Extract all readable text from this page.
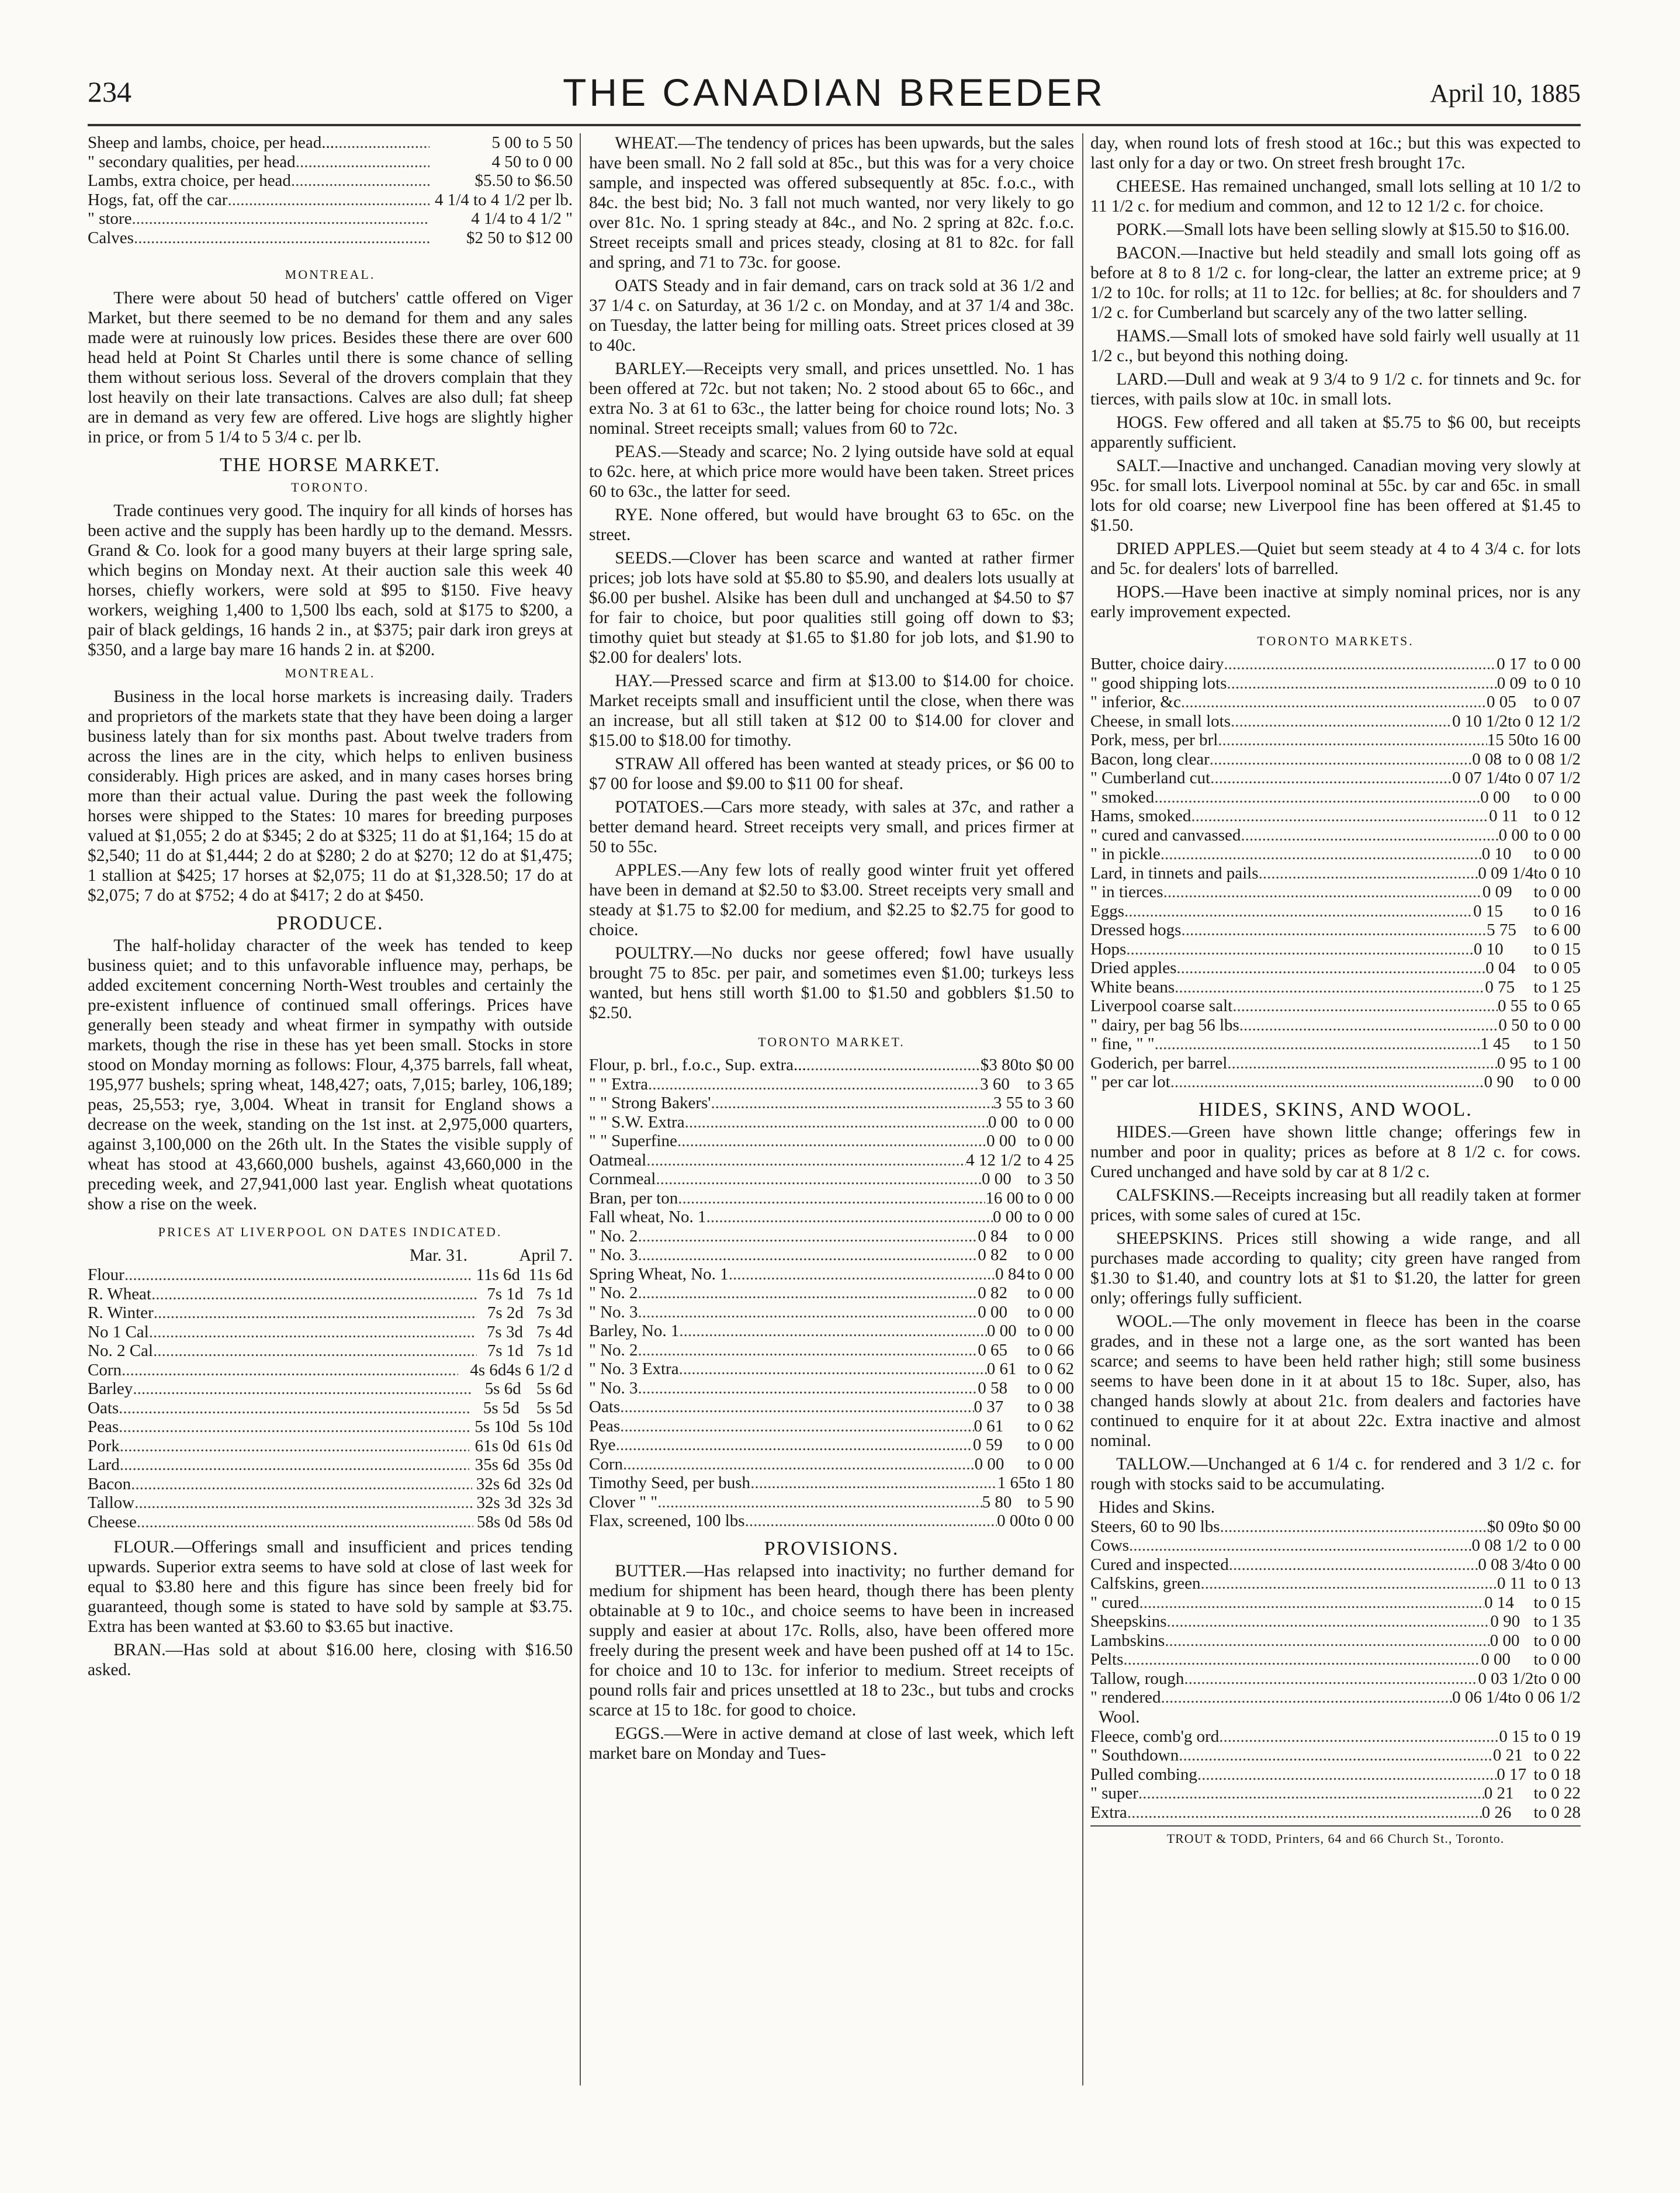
234	THE CANADIAN BREEDER	April 10, 1885
Sheep and lambs, choice, per head... .....	5 00 to 5 50
" secondary qualities, per head .....	4 50 to 0 00
Lambs, extra choice, per head .....	$5.50 to $6.50
Hogs, fat, off the car .....	4 1/4 to 4 1/2 per lb.
" store .....	4 1/4 to 4 1/2 "
Calves .....	$2 50 to $12 00
MONTREAL.

There were about 50 head of butchers' cattle offered on Viger Market, but there seemed to be no demand for them and any sales made were at ruinously low prices. Besides these there are over 600 head held at Point St Charles until there is some chance of selling them without serious loss. Several of the drovers complain that they lost heavily on their late transactions. Calves are also dull; fat sheep are in demand as very few are offered. Live hogs are slightly higher in price, or from 5 1/4 to 5 3/4 c. per lb.

THE HORSE MARKET.
TORONTO.

Trade continues very good. The inquiry for all kinds of horses has been active and the supply has been hardly up to the demand. Messrs. Grand & Co. look for a good many buyers at their large spring sale, which begins on Monday next. At their auction sale this week 40 horses, chiefly workers, were sold at $95 to $150. Five heavy workers, weighing 1,400 to 1,500 lbs each, sold at $175 to $200, a pair of black geldings, 16 hands 2 in., at $375; pair dark iron greys at $350, and a large bay mare 16 hands 2 in. at $200.

MONTREAL.

Business in the local horse markets is increasing daily. Traders and proprietors of the markets state that they have been doing a larger business lately than for six months past. About twelve traders from across the lines are in the city, which helps to enliven business considerably. High prices are asked, and in many cases horses bring more than their actual value. During the past week the following horses were shipped to the States: 10 mares for breeding purposes valued at $1,055; 2 do at $345; 2 do at $325; 11 do at $1,164; 15 do at $2,540; 11 do at $1,444; 2 do at $280; 2 do at $270; 12 do at $1,475; 1 stallion at $425; 17 horses at $2,075; 11 do at $1,328.50; 17 do at $2,075; 7 do at $752; 4 do at $417; 2 do at $450.

PRODUCE.

The half-holiday character of the week has tended to keep business quiet; and to this unfavorable influence may, perhaps, be added excitement concerning North-West troubles and certainly the pre-existent influence of continued small offerings. Prices have generally been steady and wheat firmer in sympathy with outside markets, though the rise in these has yet been small. Stocks in store stood on Monday morning as follows: Flour, 4,375 barrels, fall wheat, 195,977 bushels; spring wheat, 148,427; oats, 7,015; barley, 106,189; peas, 25,553; rye, 3,004. Wheat in transit for England shows a decrease on the week, standing on the 1st inst. at 2,975,000 quarters, against 3,100,000 on the 26th ult. In the States the visible supply of wheat has stood at 43,660,000 bushels, against 43,660,000 in the preceding week, and 27,941,000 last year. English wheat quotations show a rise on the week.

PRICES AT LIVERPOOL ON DATES INDICATED.
Mar. 31.	April 7.
Flour .....	11s 6d 11s 6d
R. Wheat .....	7s 1d 7s 1d
R. Winter .....	7s 2d 7s 3d
No 1 Cal .....	7s 3d 7s 4d
No. 2 Cal .....	7s 1d 7s 1d
Corn .....	4s 6d 4s 6 1/2 d
Barley .....	5s 6d 5s 6d
Oats .....	5s 5d	5s 5d
Peas .....	5s 10d 5s 10d
Pork .....	61s 0d 61s 0d
Lard .....	35s 6d 35s 0d
Bacon .....	32s 6d 32s 0d
Tallow .....	32s 3d 32s 3d
Cheese .....	58s 0d 58s 0d

FLOUR.—Offerings small and insufficient and prices tending upwards. Superior extra seems to have sold at close of last week for equal to $3.80 here and this figure has since been freely bid for guaranteed, though some is stated to have sold by sample at $3.75. Extra has been wanted at $3.60 to $3.65 but inactive.

BRAN.—Has sold at about $16.00 here, closing with $16.50 asked.

WHEAT.—The tendency of prices has been upwards, but the sales have been small. No 2 fall sold at 85c., but this was for a very choice sample, and inspected was offered subsequently at 85c. f.o.c., with 84c. the best bid; No. 3 fall not much wanted, nor very likely to go over 81c. No. 1 spring steady at 84c., and No. 2 spring at 82c. f.o.c. Street receipts small and prices steady, closing at 81 to 82c. for fall and spring, and 71 to 73c. for goose.

OATS Steady and in fair demand, cars on track sold at 36 1/2 and 37 1/4 c. on Saturday, at 36 1/2 c. on Monday, and at 37 1/4 and 38c. on Tuesday, the latter being for milling oats. Street prices closed at 39 to 40c.

BARLEY.—Receipts very small, and prices unsettled. No. 1 has been offered at 72c. but not taken; No. 2 stood about 65 to 66c., and extra No. 3 at 61 to 63c., the latter being for choice round lots; No. 3 nominal. Street receipts small; values from 60 to 72c.

PEAS.—Steady and scarce; No. 2 lying outside have sold at equal to 62c. here, at which price more would have been taken. Street prices 60 to 63c., the latter for seed.

RYE. None offered, but would have brought 63 to 65c. on the street.

SEEDS.—Clover has been scarce and wanted at rather firmer prices; job lots have sold at $5.80 to $5.90, and dealers lots usually at $6.00 per bushel. Alsike has been dull and unchanged at $4.50 to $7 for fair to choice, but poor qualities still going off down to $3; timothy quiet but steady at $1.65 to $1.80 for job lots, and $1.90 to $2.00 for dealers' lots.

HAY.—Pressed scarce and firm at $13.00 to $14.00 for choice. Market receipts small and insufficient until the close, when there was an increase, but all still taken at $12 00 to $14.00 for clover and $15.00 to $18.00 for timothy.

STRAW All offered has been wanted at steady prices, or $6 00 to $7 00 for loose and $9.00 to $11 00 for sheaf.

POTATOES.—Cars more steady, with sales at 37c, and rather a better demand heard. Street receipts very small, and prices firmer at 50 to 55c.

APPLES.—Any few lots of really good winter fruit yet offered have been in demand at $2.50 to $3.00. Street receipts very small and steady at $1.75 to $2.00 for medium, and $2.25 to $2.75 for good to choice.

POULTRY.—No ducks nor geese offered; fowl have usually brought 75 to 85c. per pair, and sometimes even $1.00; turkeys less wanted, but hens still worth $1.00 to $1.50 and gobblers $1.50 to $2.50.

TORONTO MARKET.
Flour, p. brl., f.o.c., Sup. extra... .....	$3 80 to $0 00
" " Extra .....	3 60	to 3 65
" " Strong Bakers' .....	3 55 to 3 60
" " S.W. Extra .....	0 00 to 0 00
" " Superfine .....	0 00 to 0 00
Oatmeal .....	4 12 1/2 to 4 25
Cornmeal .....	0 00 to 3 50
Bran, per ton .....	16 00 to 0 00
Fall wheat, No. 1 .....	0 00 to 0 00
" No. 2 .....	0 84	to 0 00
" No. 3 .....	0 82	to 0 00
Spring Wheat, No. 1 .....	0 84 to 0 00
" No. 2 .....	0 82	to 0 00
" No. 3 .....	0 00	to 0 00
Barley, No. 1 .....	0 00 to 0 00
" No. 2 .....	0 65	to 0 66
" No. 3 Extra .....	0 61 to 0 62
" No. 3 .....	0 58	to 0 00
Oats .....	0 37	to 0 38
Peas .....	0 61	to 0 62
Rye .....	0 59	to 0 00
Corn .....	0 00	to 0 00
Timothy Seed, per bush .....	1 65 to 1 80
Clover " " .....	5 80 to 5 90
Flax, screened, 100 lbs .....	0 00 to 0 00
PROVISIONS.

BUTTER.—Has relapsed into inactivity; no further demand for medium for shipment has been heard, though there has been plenty obtainable at 9 to 10c., and choice seems to have been in increased supply and easier at about 17c. Rolls, also, have been offered more freely during the present week and have been pushed off at 14 to 15c. for choice and 10 to 13c. for inferior to medium. Street receipts of pound rolls fair and prices unsettled at 18 to 23c., but tubs and crocks scarce at 15 to 18c. for good to choice.

EGGS.—Were in active demand at close of last week, which left market bare on Monday and Tues-

day, when round lots of fresh stood at 16c.; but this was expected to last only for a day or two. On street fresh brought 17c.

CHEESE. Has remained unchanged, small lots selling at 10 1/2 to 11 1/2 c. for medium and common, and 12 to 12 1/2 c. for choice.

PORK.—Small lots have been selling slowly at $15.50 to $16.00.

BACON.—Inactive but held steadily and small lots going off as before at 8 to 8 1/2 c. for long-clear, the latter an extreme price; at 9 1/2 to 10c. for rolls; at 11 to 12c. for bellies; at 8c. for shoulders and 7 1/2 c. for Cumberland but scarcely any of the two latter selling.

HAMS.—Small lots of smoked have sold fairly well usually at 11 1/2 c., but beyond this nothing doing.

LARD.—Dull and weak at 9 3/4 to 9 1/2 c. for tinnets and 9c. for tierces, with pails slow at 10c. in small lots.

HOGS. Few offered and all taken at $5.75 to $6 00, but receipts apparently sufficient.

SALT.—Inactive and unchanged. Canadian moving very slowly at 95c. for small lots. Liverpool nominal at 55c. by car and 65c. in small lots for old coarse; new Liverpool fine has been offered at $1.45 to $1.50.

DRIED APPLES.—Quiet but seem steady at 4 to 4 3/4 c. for lots and 5c. for dealers' lots of barrelled.

HOPS.—Have been inactive at simply nominal prices, nor is any early improvement expected.

TORONTO MARKETS.
Butter, choice dairy .....	0 17 to 0 00
" good shipping lots .....	0 09 to 0 10
" inferior, &c .....	0 05	to 0 07
Cheese, in small lots .....	0 10 1/2 to 0 12 1/2
Pork, mess, per brl .....	15 50 to 16 00
Bacon, long clear .....	0 08 to 0 08 1/2
" Cumberland cut .....	0 07 1/4 to 0 07 1/2
" smoked .....	0 00	to 0 00
Hams, smoked .....	0 11 to 0 12
" cured and canvassed .....	0 00 to 0 00
" in pickle .....	0 10	to 0 00
Lard, in tinnets and pails .....	0 09 1/4 to 0 10
" in tierces .....	0 09	to 0 00
Eggs .....	0 15	to 0 16
Dressed hogs .....	5 75	to 6 00
Hops .....	0 10	to 0 15
Dried apples .....	0 04	to 0 05
White beans .....	0 75	to 1 25
Liverpool coarse salt .....	0 55 to 0 65
" dairy, per bag 56 lbs .....	0 50 to 0 00
" fine, " " .....	1 45	to 1 50
Goderich, per barrel .....	0 95 to 1 00
" per car lot .....	0 90	to 0 00
HIDES, SKINS, AND WOOL.

HIDES.—Green have shown little change; offerings few in number and poor in quality; prices as before at 8 1/2 c. for cows. Cured unchanged and have sold by car at 8 1/2 c.

CALFSKINS.—Receipts increasing but all readily taken at former prices, with some sales of cured at 15c.

SHEEPSKINS. Prices still showing a wide range, and all purchases made according to quality; city green have ranged from $1.30 to $1.40, and country lots at $1 to $1.20, the latter for green only; offerings fully sufficient.

WOOL.—The only movement in fleece has been in the coarse grades, and in these not a large one, as the sort wanted has been scarce; and seems to have been held rather high; still some business seems to have been done in it at about 15 to 18c. Super, also, has changed hands slowly at about 21c. from dealers and factories have continued to enquire for it at about 22c. Extra inactive and almost nominal.

TALLOW.—Unchanged at 6 1/4 c. for rendered and 3 1/2 c. for rough with stocks said to be accumulating.

Hides and Skins.
Steers, 60 to 90 lbs .....	$0 09 to $0 00
Cows .....	0 08 1/2 to 0 00
Cured and inspected .....	0 08 3/4 to 0 00
Calfskins, green .....	0 11 to 0 13
" cured .....	0 14	to 0 15
Sheepskins .....	0 90 to 1 35
Lambskins .....	0 00 to 0 00
Pelts .....	0 00	to 0 00
Tallow, rough .....	0 03 1/2 to 0 00
" rendered .....	0 06 1/4 to 0 06 1/2
Wool.
Fleece, comb'g ord .....	0 15 to 0 19
" Southdown .....	0 21 to 0 22
Pulled combing .....	0 17 to 0 18
" super .....	0 21	to 0 22
Extra .....	0 26	to 0 28
TROUT & TODD, Printers, 64 and 66 Church St., Toronto.
